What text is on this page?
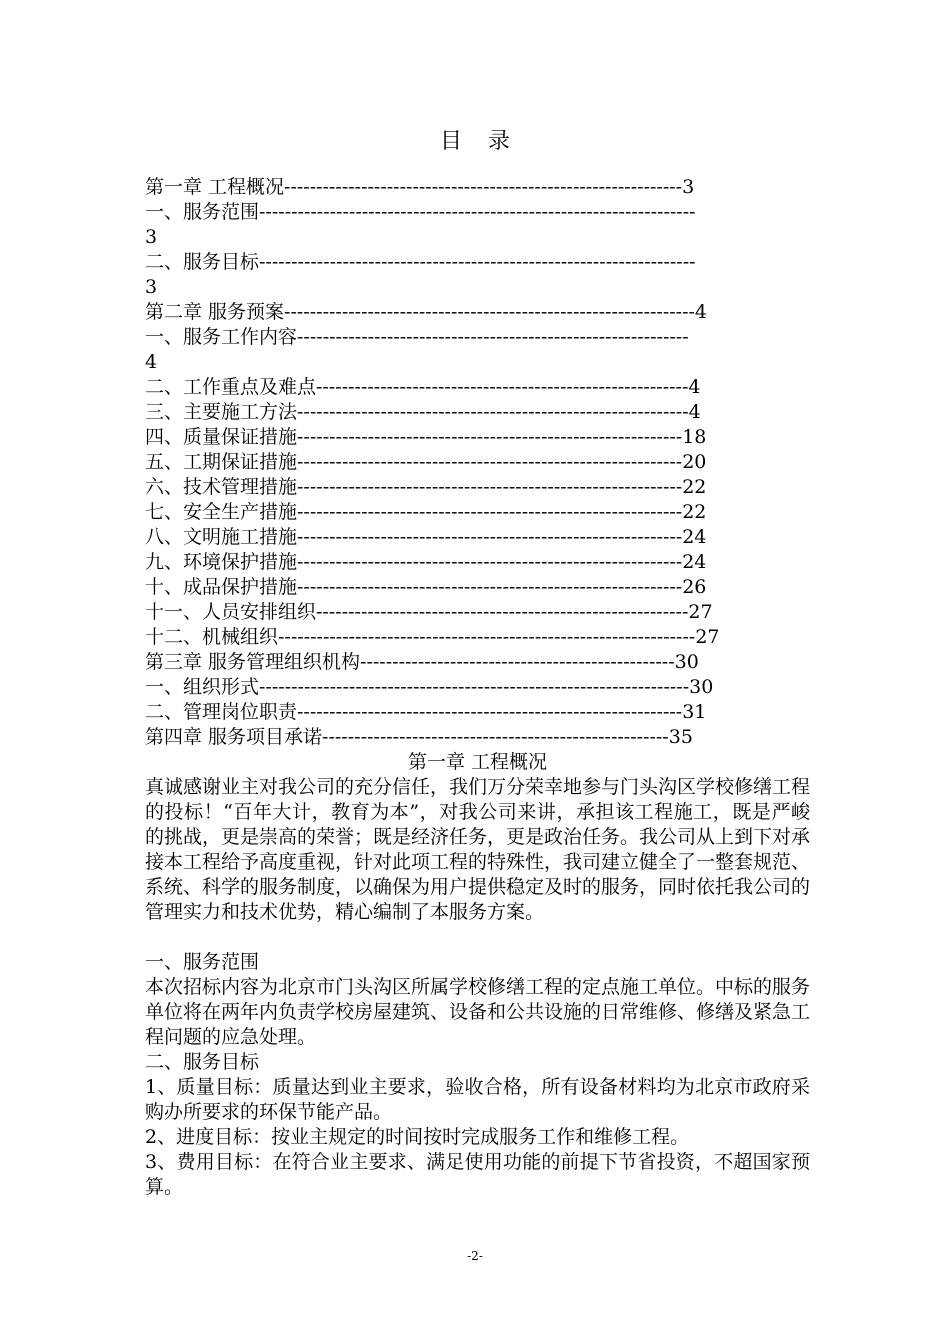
目 录
第一章 工程概况--------------------------------------------------------------3
一、服务范围--------------------------------------------------------------------
3
二、服务目标--------------------------------------------------------------------
3
第二章 服务预案----------------------------------------------------------------4
一、服务工作内容-------------------------------------------------------------
4
二、工作重点及难点----------------------------------------------------------4
三、主要施工方法-------------------------------------------------------------4
四、质量保证措施------------------------------------------------------------18
五、工期保证措施------------------------------------------------------------20
六、技术管理措施------------------------------------------------------------22
七、安全生产措施------------------------------------------------------------22
八、文明施工措施------------------------------------------------------------24
九、环境保护措施------------------------------------------------------------24
十、成品保护措施------------------------------------------------------------26
十一、人员安排组织----------------------------------------------------------27
十二、机械组织-----------------------------------------------------------------27
第三章 服务管理组织机构-------------------------------------------------30
一、组织形式-------------------------------------------------------------------30
二、管理岗位职责------------------------------------------------------------31
第四章 服务项目承诺------------------------------------------------------35
第一章 工程概况
真诚感谢业主对我公司的充分信任，我们万分荣幸地参与门头沟区学校修缮工程的投标！“百年大计，教育为本”，对我公司来讲，承担该工程施工，既是严峻的挑战，更是崇高的荣誉；既是经济任务，更是政治任务。我公司从上到下对承接本工程给予高度重视，针对此项工程的特殊性，我司建立健全了一整套规范、系统、科学的服务制度，以确保为用户提供稳定及时的服务，同时依托我公司的管理实力和技术优势，精心编制了本服务方案。
一、服务范围
本次招标内容为北京市门头沟区所属学校修缮工程的定点施工单位。中标的服务单位将在两年内负责学校房屋建筑、设备和公共设施的日常维修、修缮及紧急工程问题的应急处理。
二、服务目标
1、质量目标：质量达到业主要求，验收合格，所有设备材料均为北京市政府采购办所要求的环保节能产品。
2、进度目标：按业主规定的时间按时完成服务工作和维修工程。
3、费用目标：在符合业主要求、满足使用功能的前提下节省投资，不超国家预算。
-2-
